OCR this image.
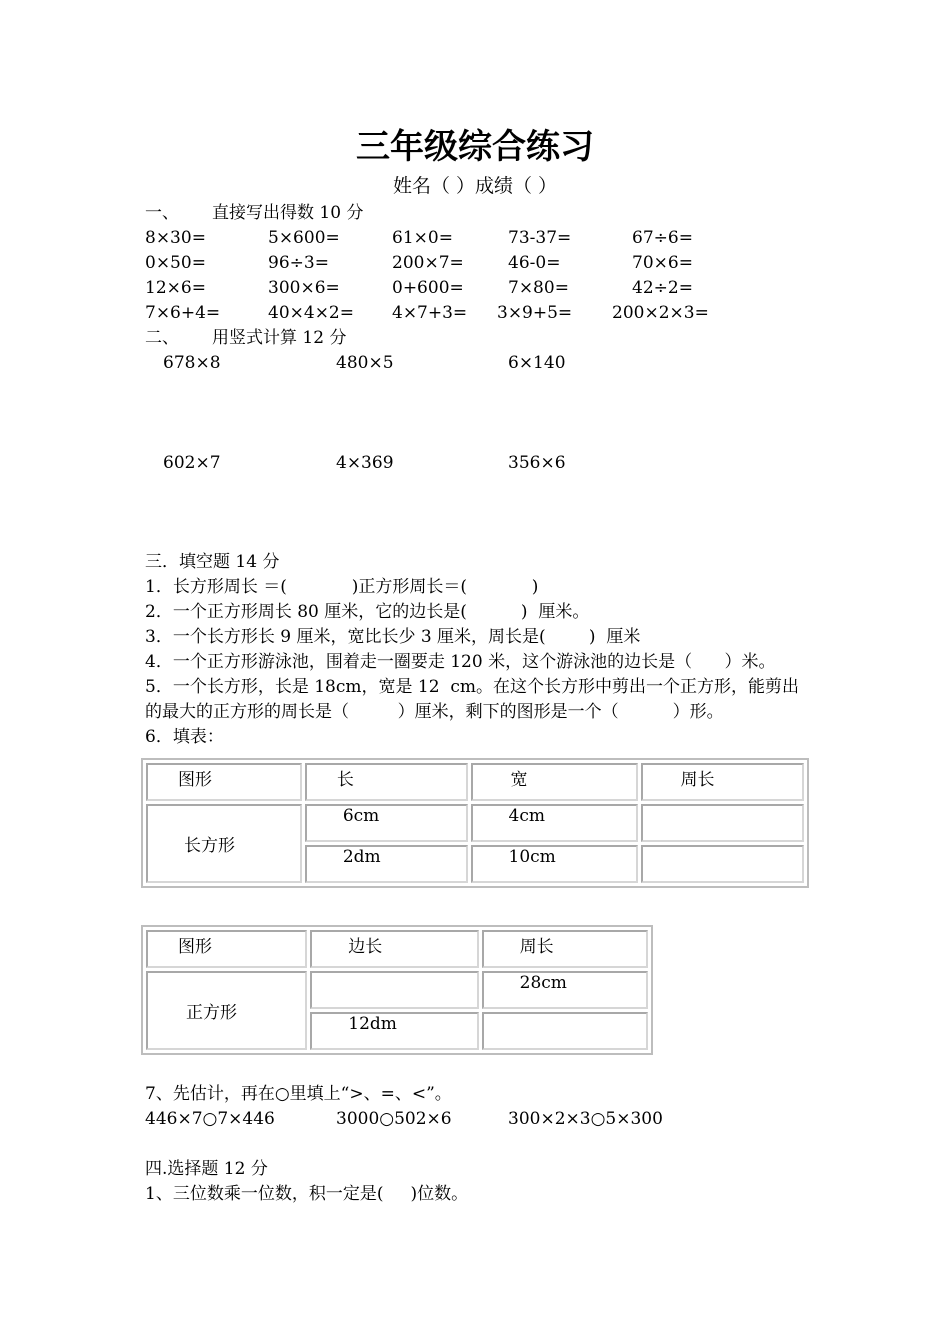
三年级综合练习
姓名（ ）成绩（ ）
一、 直接写出得数 10 分
8×30=	5×600=	61×0=	73-37=	67÷6=
0×50=	96÷3=	200×7=	46-0=	70×6=
12×6=	300×6=	0+600=	7×80=	42÷2=
7×6+4=	40×4×2= 4×7+3= 3×9+5= 200×2×3=
二、 用竖式计算 12 分
678×8	480×5	6×140
602×7	4×369	356×6
三．填空题 14 分
1．长方形周长 ＝(            )正方形周长＝(            )
2．一个正方形周长 80 厘米，它的边长是(          )  厘米。
3．一个长方形长 9 厘米，宽比长少 3 厘米，周长是(        )  厘米
4．一个正方形游泳池，围着走一圈要走 120 米，这个游泳池的边长是（      ）米。
5．一个长方形，长是 18cm，宽是 12  cm。在这个长方形中剪出一个正方形，能剪出
的最大的正方形的周长是（         ）厘米，剩下的图形是一个（          ）形。
6．填表：
图形	长	宽	周长
长方形	6cm	4cm	
	2dm	10cm	
图形	边长	周长
正方形		28cm
	12dm	
7、先估计，再在○里填上“>、=、<”。
446×7○7×446	3000○502×6	300×2×3○5×300
四.选择题 12 分
1、三位数乘一位数，积一定是(     )位数。
